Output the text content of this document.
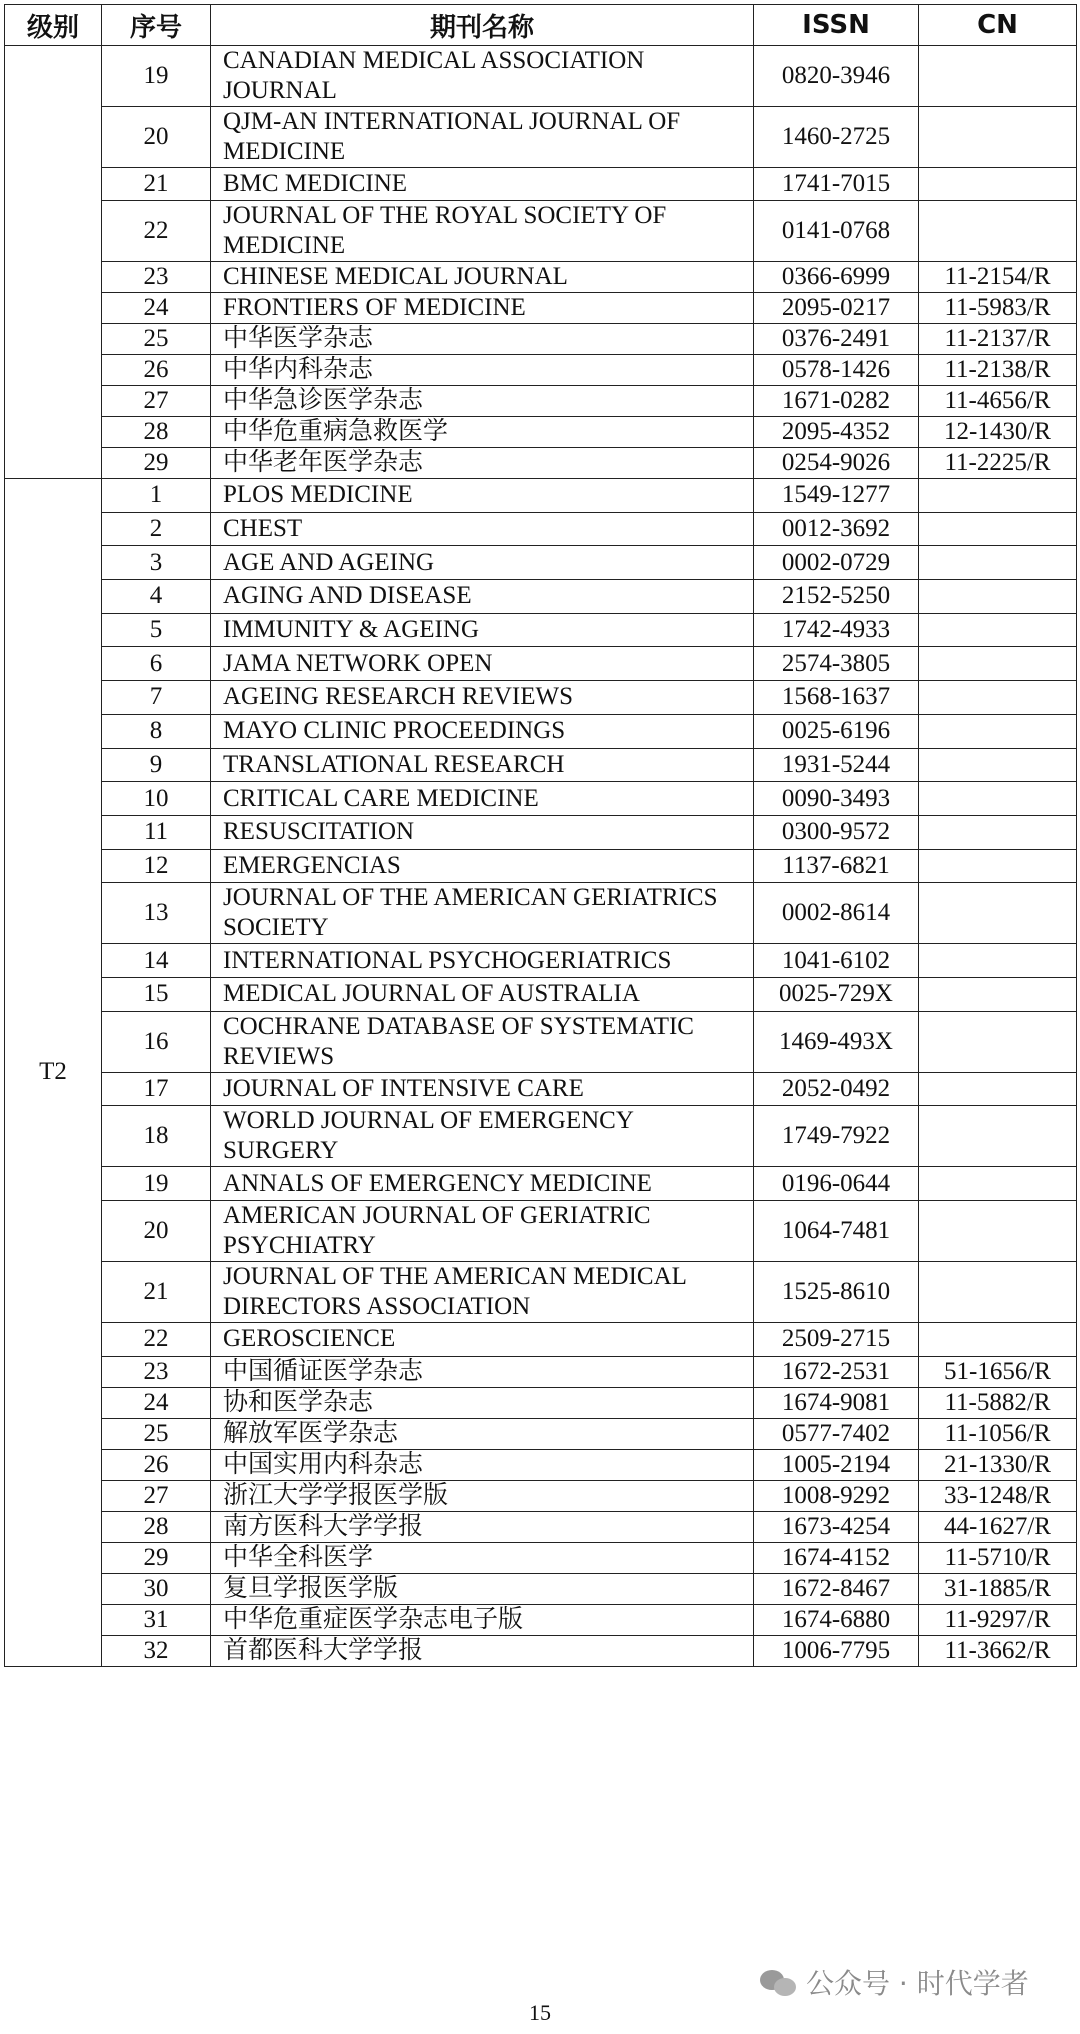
级别	序号	期刊名称	ISSN	CN
	19	CANADIAN MEDICAL ASSOCIATION JOURNAL	0820-3946	
	20	QJM-AN INTERNATIONAL JOURNAL OF MEDICINE	1460-2725	
	21	BMC MEDICINE	1741-7015	
	22	JOURNAL OF THE ROYAL SOCIETY OF MEDICINE	0141-0768	
	23	CHINESE MEDICAL JOURNAL	0366-6999	11-2154/R
	24	FRONTIERS OF MEDICINE	2095-0217	11-5983/R
	25	中华医学杂志	0376-2491	11-2137/R
	26	中华内科杂志	0578-1426	11-2138/R
	27	中华急诊医学杂志	1671-0282	11-4656/R
	28	中华危重病急救医学	2095-4352	12-1430/R
	29	中华老年医学杂志	0254-9026	11-2225/R
T2	1	PLOS MEDICINE	1549-1277	
	2	CHEST	0012-3692	
	3	AGE AND AGEING	0002-0729	
	4	AGING AND DISEASE	2152-5250	
	5	IMMUNITY & AGEING	1742-4933	
	6	JAMA NETWORK OPEN	2574-3805	
	7	AGEING RESEARCH REVIEWS	1568-1637	
	8	MAYO CLINIC PROCEEDINGS	0025-6196	
	9	TRANSLATIONAL RESEARCH	1931-5244	
	10	CRITICAL CARE MEDICINE	0090-3493	
	11	RESUSCITATION	0300-9572	
	12	EMERGENCIAS	1137-6821	
	13	JOURNAL OF THE AMERICAN GERIATRICS SOCIETY	0002-8614	
	14	INTERNATIONAL PSYCHOGERIATRICS	1041-6102	
	15	MEDICAL JOURNAL OF AUSTRALIA	0025-729X	
	16	COCHRANE DATABASE OF SYSTEMATIC REVIEWS	1469-493X	
	17	JOURNAL OF INTENSIVE CARE	2052-0492	
	18	WORLD JOURNAL OF EMERGENCY SURGERY	1749-7922	
	19	ANNALS OF EMERGENCY MEDICINE	0196-0644	
	20	AMERICAN JOURNAL OF GERIATRIC PSYCHIATRY	1064-7481	
	21	JOURNAL OF THE AMERICAN MEDICAL DIRECTORS ASSOCIATION	1525-8610	
	22	GEROSCIENCE	2509-2715	
	23	中国循证医学杂志	1672-2531	51-1656/R
	24	协和医学杂志	1674-9081	11-5882/R
	25	解放军医学杂志	0577-7402	11-1056/R
	26	中国实用内科杂志	1005-2194	21-1330/R
	27	浙江大学学报医学版	1008-9292	33-1248/R
	28	南方医科大学学报	1673-4254	44-1627/R
	29	中华全科医学	1674-4152	11-5710/R
	30	复旦学报医学版	1672-8467	31-1885/R
	31	中华危重症医学杂志电子版	1674-6880	11-9297/R
	32	首都医科大学学报	1006-7795	11-3662/R
15
公众号 · 时代学者
